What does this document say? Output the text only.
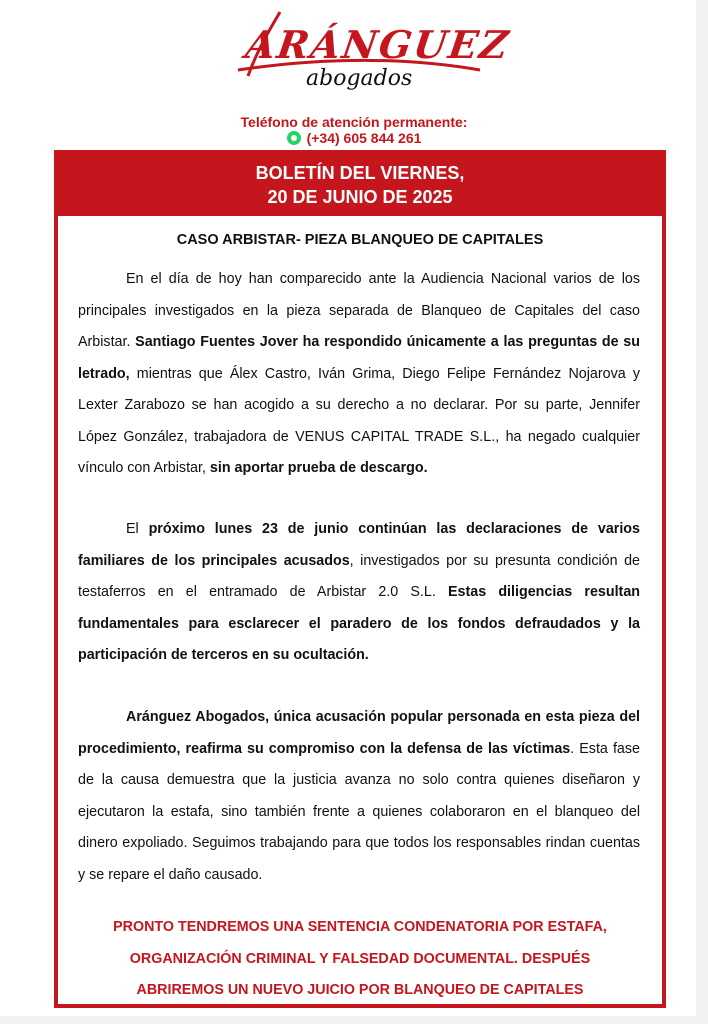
ARÁNGUEZ
abogados
Teléfono de atención permanente:
(+34) 605 844 261
BOLETÍN DEL VIERNES,
20 DE JUNIO DE 2025
CASO ARBISTAR- PIEZA BLANQUEO DE CAPITALES
En el día de hoy han comparecido ante la Audiencia Nacional varios de los principales investigados en la pieza separada de Blanqueo de Capitales del caso Arbistar. Santiago Fuentes Jover ha respondido únicamente a las preguntas de su letrado, mientras que Álex Castro, Iván Grima, Diego Felipe Fernández Nojarova y Lexter Zarabozo se han acogido a su derecho a no declarar. Por su parte, Jennifer López González, trabajadora de VENUS CAPITAL TRADE S.L., ha negado cualquier vínculo con Arbistar, sin aportar prueba de descargo.
El próximo lunes 23 de junio continúan las declaraciones de varios familiares de los principales acusados, investigados por su presunta condición de testaferros en el entramado de Arbistar 2.0 S.L. Estas diligencias resultan fundamentales para esclarecer el paradero de los fondos defraudados y la participación de terceros en su ocultación.
Aránguez Abogados, única acusación popular personada en esta pieza del procedimiento, reafirma su compromiso con la defensa de las víctimas. Esta fase de la causa demuestra que la justicia avanza no solo contra quienes diseñaron y ejecutaron la estafa, sino también frente a quienes colaboraron en el blanqueo del dinero expoliado. Seguimos trabajando para que todos los responsables rindan cuentas y se repare el daño causado.
PRONTO TENDREMOS UNA SENTENCIA CONDENATORIA POR ESTAFA,
ORGANIZACIÓN CRIMINAL Y FALSEDAD DOCUMENTAL. DESPUÉS
ABRIREMOS UN NUEVO JUICIO POR BLANQUEO DE CAPITALES
